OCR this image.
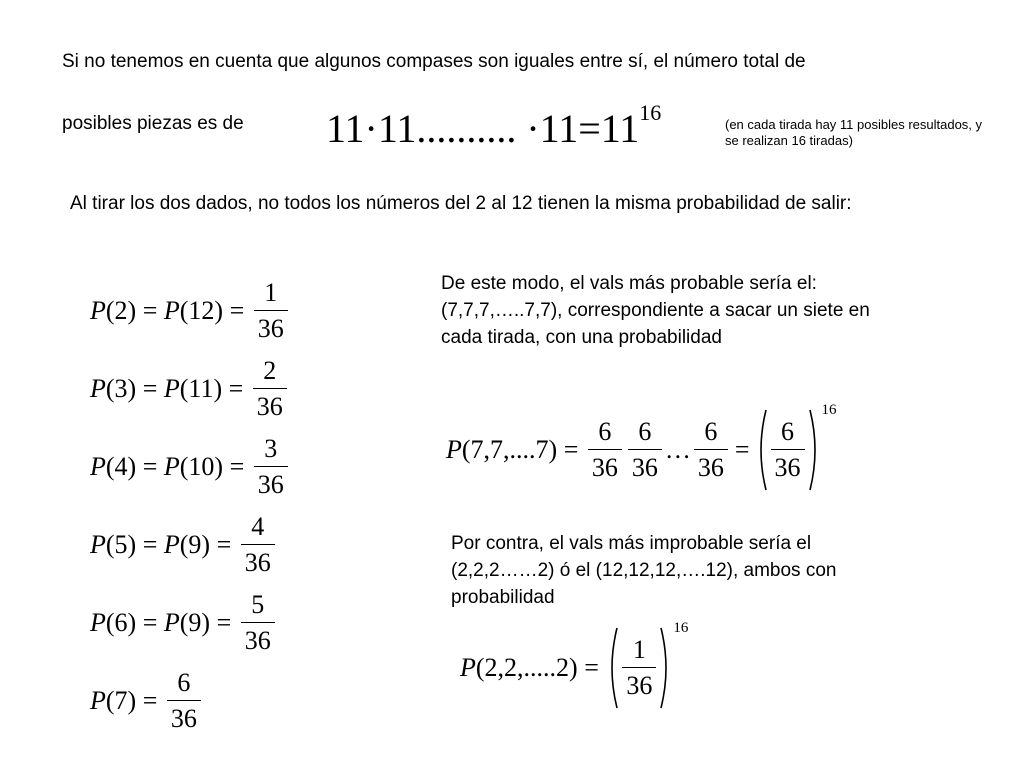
Si no tenemos en cuenta que algunos compases son iguales entre sí, el número total de
posibles piezas es de 11·11.......... $\cdot 11=11^{16}$	(en cada tirada hay 11 posibles resultados, y
se realizan 16 tiradas)
Al tirar los dos dados, no todos los números del 2 al 12 tienen la misma probabilidad de salir:
P (2) = P $(12) = \frac{1}{36}$
P (3) = P $(11) = \frac{2}{36}$
P (4) = P $(10) = \frac{3}{36}$
P (5) = P $(9) = \frac{4}{36}$
P (6) = P $(9) = \frac{5}{36}$
P $(7) = \frac{6}{36}$
De este modo, el vals más probable sería el: (7,7,7,…..7,7), correspondiente a sacar un siete en cada tirada, con una probabilidad
P $(7,7,....7) = \frac{6}{36} \frac{6}{36}$ … $\frac{6}{36} = \frac{6}{36}$
16
Por contra, el vals más improbable sería el (2,2,2……2) ó el (12,12,12,….12), ambos con probabilidad
P $(2,2,.....2) = \frac{1}{36}$
16
